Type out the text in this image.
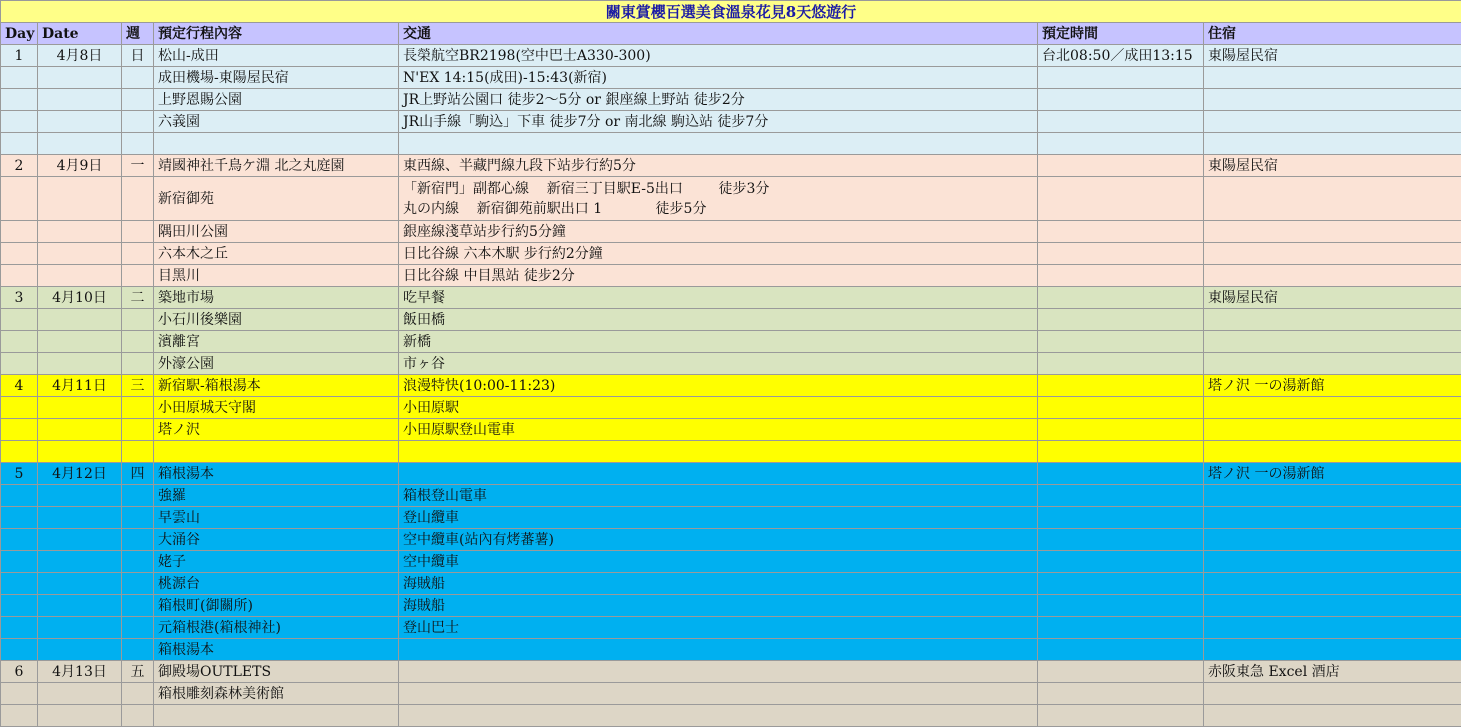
關東賞櫻百選美食溫泉花見8天悠遊行						
Day	Date	週	預定行程內容	交通	預定時間	住宿
1	4月8日	日	松山-成田	長榮航空BR2198(空中巴士A330-300)	台北08:50／成田13:15	東陽屋民宿
			成田機場-東陽屋民宿	N'EX 14:15(成田)-15:43(新宿)		
			上野恩賜公園	JR上野站公園口 徒步2～5分 or 銀座線上野站 徒步2分		
			六義園	JR山手線「駒込」下車 徒步7分 or 南北線 駒込站 徒步7分		

2	4月9日	一	靖國神社千鳥ケ淵 北之丸庭園	東西線、半藏門線九段下站步行約5分		東陽屋民宿
			新宿御苑	「新宿門」副都心線    新宿三丁目駅E-5出口        徒步3分
丸の内線    新宿御苑前駅出口 1            徒步5分		

			隅田川公園	銀座線淺草站步行約5分鐘		
			六本木之丘	日比谷線 六本木駅 步行約2分鐘		
			目黑川	日比谷線 中目黑站 徒步2分		
3	4月10日	二	築地市場	吃早餐		東陽屋民宿
			小石川後樂園	飯田橋		
			濱離宮	新橋		
			外濠公園	市ヶ谷		
4	4月11日	三	新宿駅-箱根湯本	浪漫特快(10:00-11:23)		塔ノ沢 一の湯新館
			小田原城天守閣	小田原駅		
			塔ノ沢	小田原駅登山電車		

5	4月12日	四	箱根湯本			塔ノ沢 一の湯新館
			強羅	箱根登山電車		
			早雲山	登山纜車		
			大涌谷	空中纜車(站內有烤蕃薯)		
			姥子	空中纜車		
			桃源台	海賊船		
			箱根町(御關所)	海賊船		
			元箱根港(箱根神社)	登山巴士		
			箱根湯本			
6	4月13日	五	御殿場OUTLETS			赤阪東急 Excel 酒店
			箱根雕刻森林美術館			
